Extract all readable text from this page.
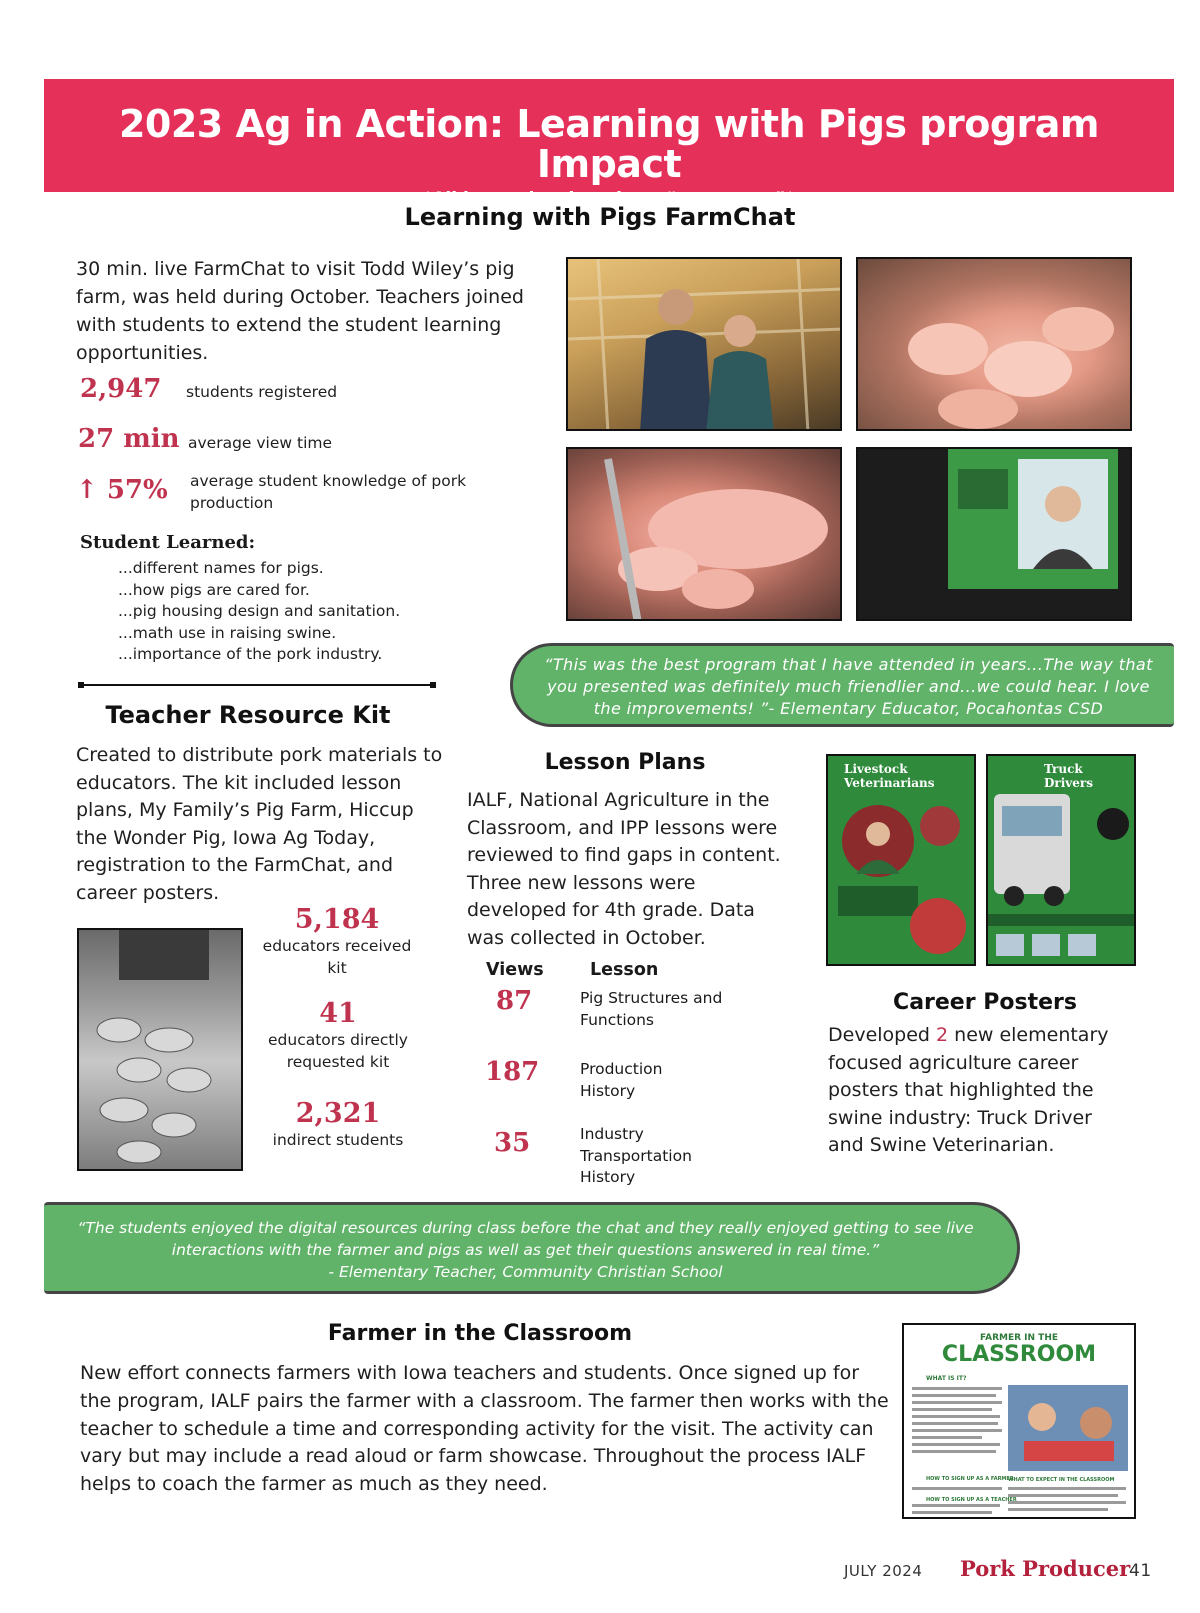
2023 Ag in Action: Learning with Pigs program Impact
*All items developed are “evergreen”*
Learning with Pigs FarmChat
30 min. live FarmChat to visit Todd Wiley’s pig farm, was held during October. Teachers joined with students to extend the student learning opportunities.
2,947 students registered
27 min average view time
↑ 57% average student knowledge of pork production
Student Learned:
...different names for pigs.
...how pigs are cared for.
...pig housing design and sanitation.
...math use in raising swine.
...importance of the pork industry.
“This was the best program that I have attended in years...The way that you presented was definitely much friendlier and...we could hear. I love the improvements! ”- Elementary Educator, Pocahontas CSD
Teacher Resource Kit
Created to distribute pork materials to educators. The kit included lesson plans, My Family’s Pig Farm, Hiccup the Wonder Pig, Iowa Ag Today, registration to the FarmChat, and career posters.
5,184
educators received kit
41
educators directly requested kit
2,321
indirect students
Lesson Plans
IALF, National Agriculture in the Classroom, and IPP lessons were reviewed to find gaps in content. Three new lessons were developed for 4th grade. Data was collected in October.
Views	Lesson
87	Pig Structures and Functions
187	Production History
35	Industry Transportation History
Livestock Veterinarians
Truck Drivers
Career Posters
Developed 2 new elementary focused agriculture career posters that highlighted the swine industry: Truck Driver and Swine Veterinarian.
“The students enjoyed the digital resources during class before the chat and they really enjoyed getting to see live interactions with the farmer and pigs as well as get their questions answered in real time.”
- Elementary Teacher, Community Christian School
Farmer in the Classroom
New effort connects farmers with Iowa teachers and students. Once signed up for the program, IALF pairs the farmer with a classroom. The farmer then works with the teacher to schedule a time and corresponding activity for the visit. The activity can vary but may include a read aloud or farm showcase. Throughout the process IALF helps to coach the farmer as much as they need.
FARMER IN THE
CLASSROOM
WHAT IS IT?
HOW TO SIGN UP AS A FARMER
HOW TO SIGN UP AS A TEACHER
WHAT TO EXPECT IN THE CLASSROOM
JULY 2024 Pork Producer
41
